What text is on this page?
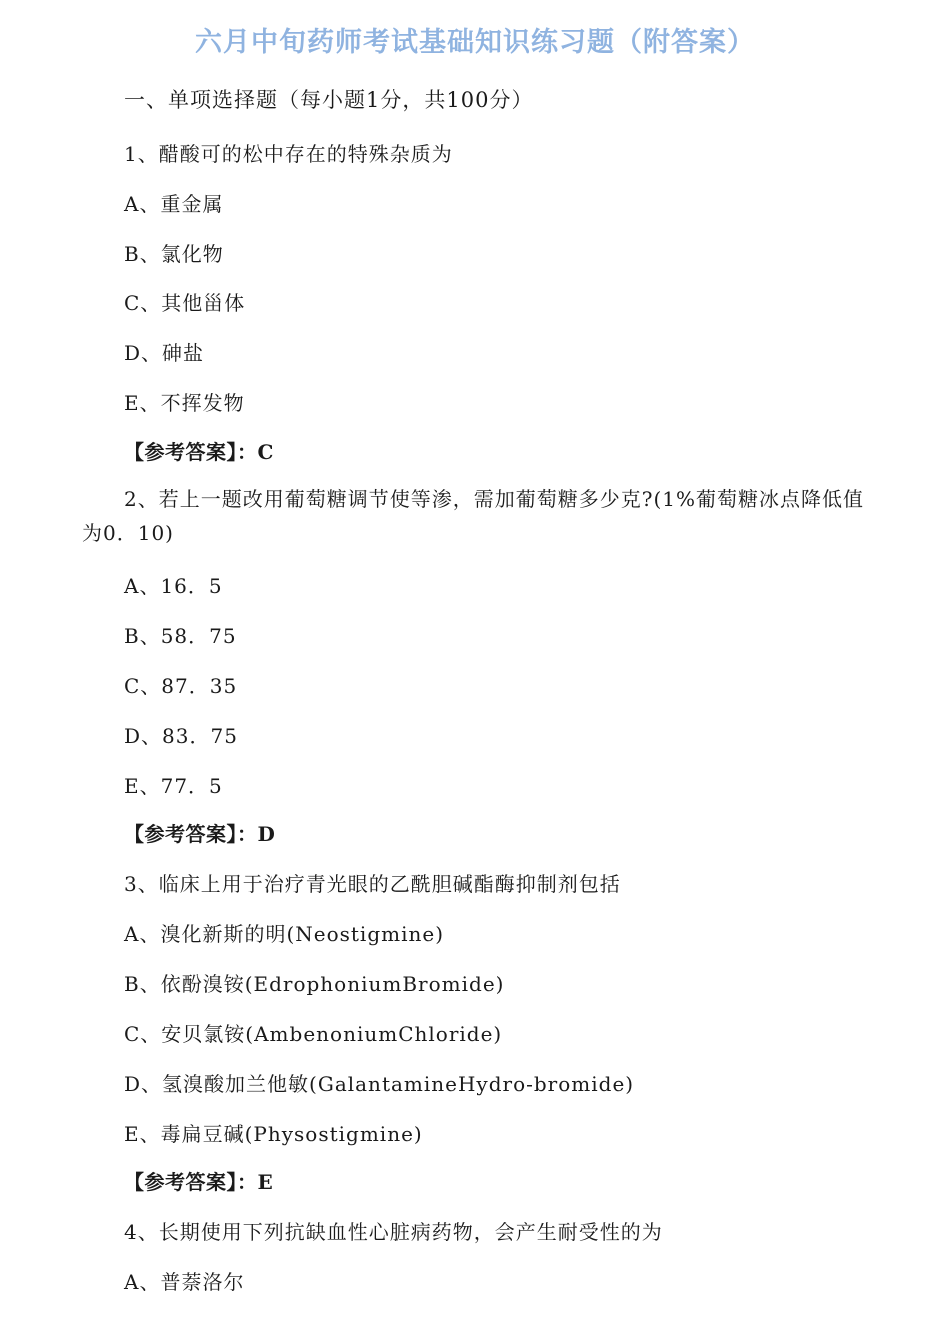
六月中旬药师考试基础知识练习题（附答案）
一、单项选择题（每小题1分，共100分）
1、醋酸可的松中存在的特殊杂质为
A、重金属
B、氯化物
C、其他甾体
D、砷盐
E、不挥发物
【参考答案】：C
2、若上一题改用葡萄糖调节使等渗，需加葡萄糖多少克?(1%葡萄糖冰点降低值为0．10)
A、16．5
B、58．75
C、87．35
D、83．75
E、77．5
【参考答案】：D
3、临床上用于治疗青光眼的乙酰胆碱酯酶抑制剂包括
A、溴化新斯的明(Neostigmine)
B、依酚溴铵(EdrophoniumBromide)
C、安贝氯铵(AmbenoniumChloride)
D、氢溴酸加兰他敏(GalantamineHydro-bromide)
E、毒扁豆碱(Physostigmine)
【参考答案】：E
4、长期使用下列抗缺血性心脏病药物，会产生耐受性的为
A、普萘洛尔
